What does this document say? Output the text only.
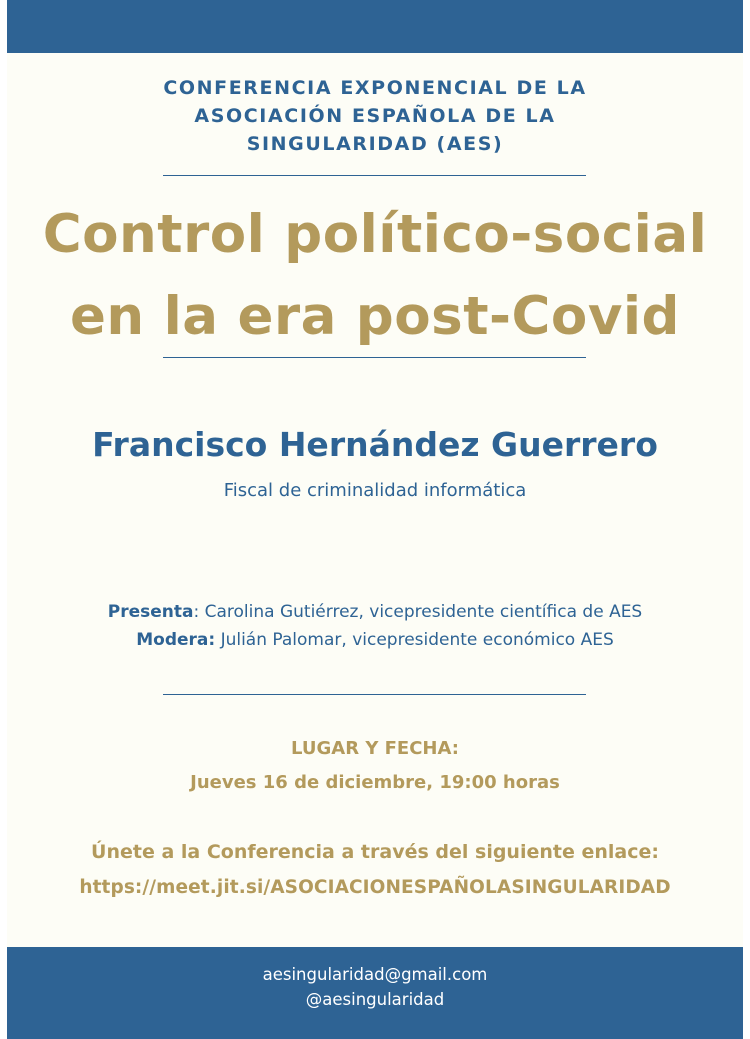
CONFERENCIA EXPONENCIAL DE LA
ASOCIACIÓN ESPAÑOLA DE LA
SINGULARIDAD (AES)
Control político-social
en la era post-Covid
Francisco Hernández Guerrero
Fiscal de criminalidad informática
Presenta: Carolina Gutiérrez, vicepresidente científica de AES
Modera: Julián Palomar, vicepresidente económico AES
LUGAR Y FECHA:
Jueves 16 de diciembre, 19:00 horas
Únete a la Conferencia a través del siguiente enlace:
https://meet.jit.si/ASOCIACIONESPAÑOLASINGULARIDAD
aesingularidad@gmail.com
@aesingularidad
